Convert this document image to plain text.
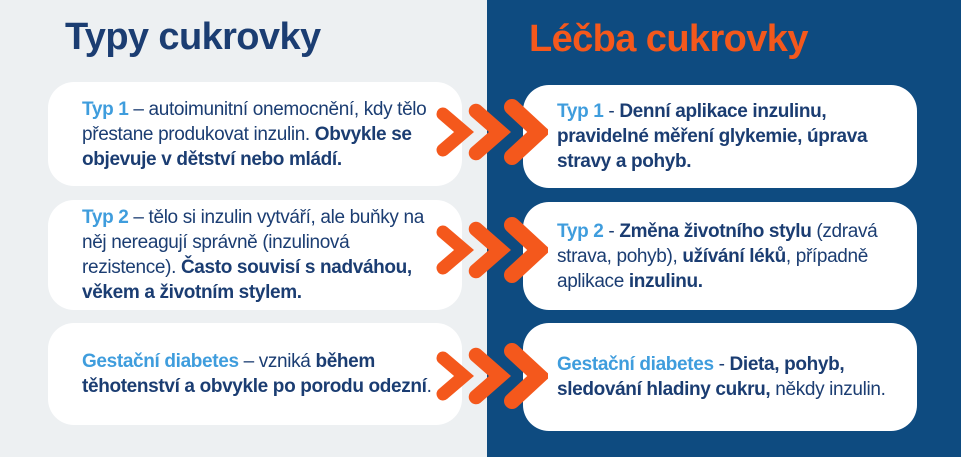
Typy cukrovky	Léčba cukrovky
Typ 1 – autoimunitní onemocnění, kdy tělo přestane produkovat inzulin. Obvykle se objevuje v dětství nebo mládí.
Typ 2 – tělo si inzulin vytváří, ale buňky na něj nereagují správně (inzulinová rezistence). Často souvisí s nadváhou, věkem a životním stylem.
Gestační diabetes – vzniká během těhotenství a obvykle po porodu odezní.
Typ 1 - Denní aplikace inzulinu, pravidelné měření glykemie, úprava stravy a pohyb.
Typ 2 - Změna životního stylu (zdravá strava, pohyb), užívání léků, případně aplikace inzulinu.
Gestační diabetes - Dieta, pohyb, sledování hladiny cukru, někdy inzulin.
